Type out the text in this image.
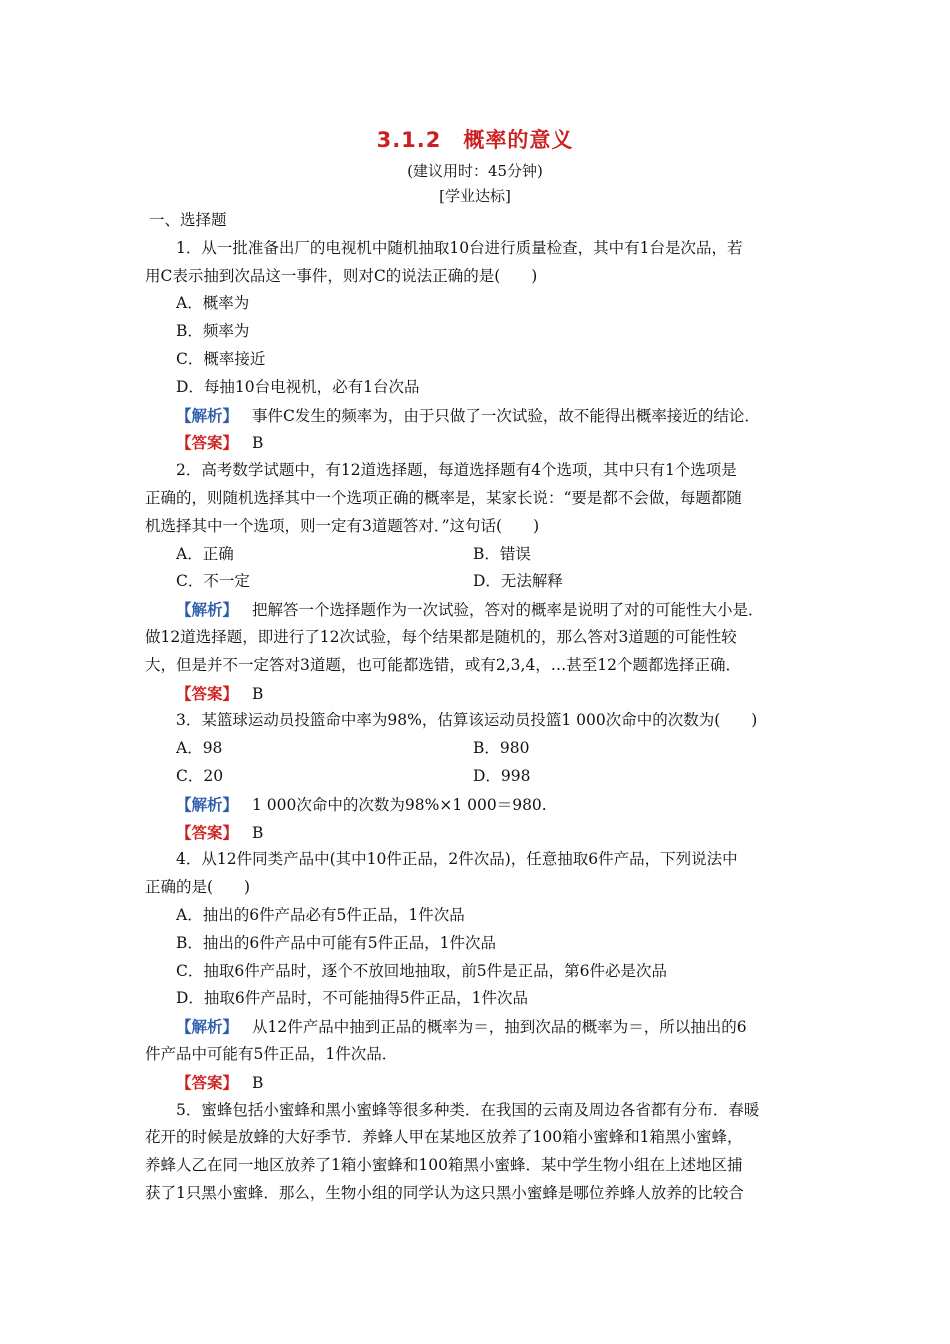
3.1.2　概率的意义
(建议用时：45分钟)
[学业达标]
一、选择题
1．从一批准备出厂的电视机中随机抽取10台进行质量检查，其中有1台是次品，若
用C表示抽到次品这一事件，则对C的说法正确的是(　　)
A．概率为
B．频率为
C．概率接近
D．每抽10台电视机，必有1台次品
【解析】 事件C发生的频率为，由于只做了一次试验，故不能得出概率接近的结论．
【答案】 B
2．高考数学试题中，有12道选择题，每道选择题有4个选项，其中只有1个选项是
正确的，则随机选择其中一个选项正确的概率是，某家长说：“要是都不会做，每题都随
机选择其中一个选项，则一定有3道题答对．”这句话(　　)
A．正确	B．错误
C．不一定	D．无法解释
【解析】 把解答一个选择题作为一次试验，答对的概率是说明了对的可能性大小是．
做12道选择题，即进行了12次试验，每个结果都是随机的，那么答对3道题的可能性较
大，但是并不一定答对3道题，也可能都选错，或有2,3,4，…甚至12个题都选择正确．
【答案】 B
3．某篮球运动员投篮命中率为98%，估算该运动员投篮1 000次命中的次数为(　　)
A．98	B．980
C．20	D．998
【解析】 1 000次命中的次数为98%×1 000＝980.
【答案】 B
4．从12件同类产品中(其中10件正品，2件次品)，任意抽取6件产品，下列说法中
正确的是(　　)
A．抽出的6件产品必有5件正品，1件次品
B．抽出的6件产品中可能有5件正品，1件次品
C．抽取6件产品时，逐个不放回地抽取，前5件是正品，第6件必是次品
D．抽取6件产品时，不可能抽得5件正品，1件次品
【解析】 从12件产品中抽到正品的概率为＝，抽到次品的概率为＝，所以抽出的6
件产品中可能有5件正品，1件次品．
【答案】 B
5．蜜蜂包括小蜜蜂和黑小蜜蜂等很多种类．在我国的云南及周边各省都有分布．春暖
花开的时候是放蜂的大好季节．养蜂人甲在某地区放养了100箱小蜜蜂和1箱黑小蜜蜂，
养蜂人乙在同一地区放养了1箱小蜜蜂和100箱黑小蜜蜂．某中学生物小组在上述地区捕
获了1只黑小蜜蜂．那么，生物小组的同学认为这只黑小蜜蜂是哪位养蜂人放养的比较合
